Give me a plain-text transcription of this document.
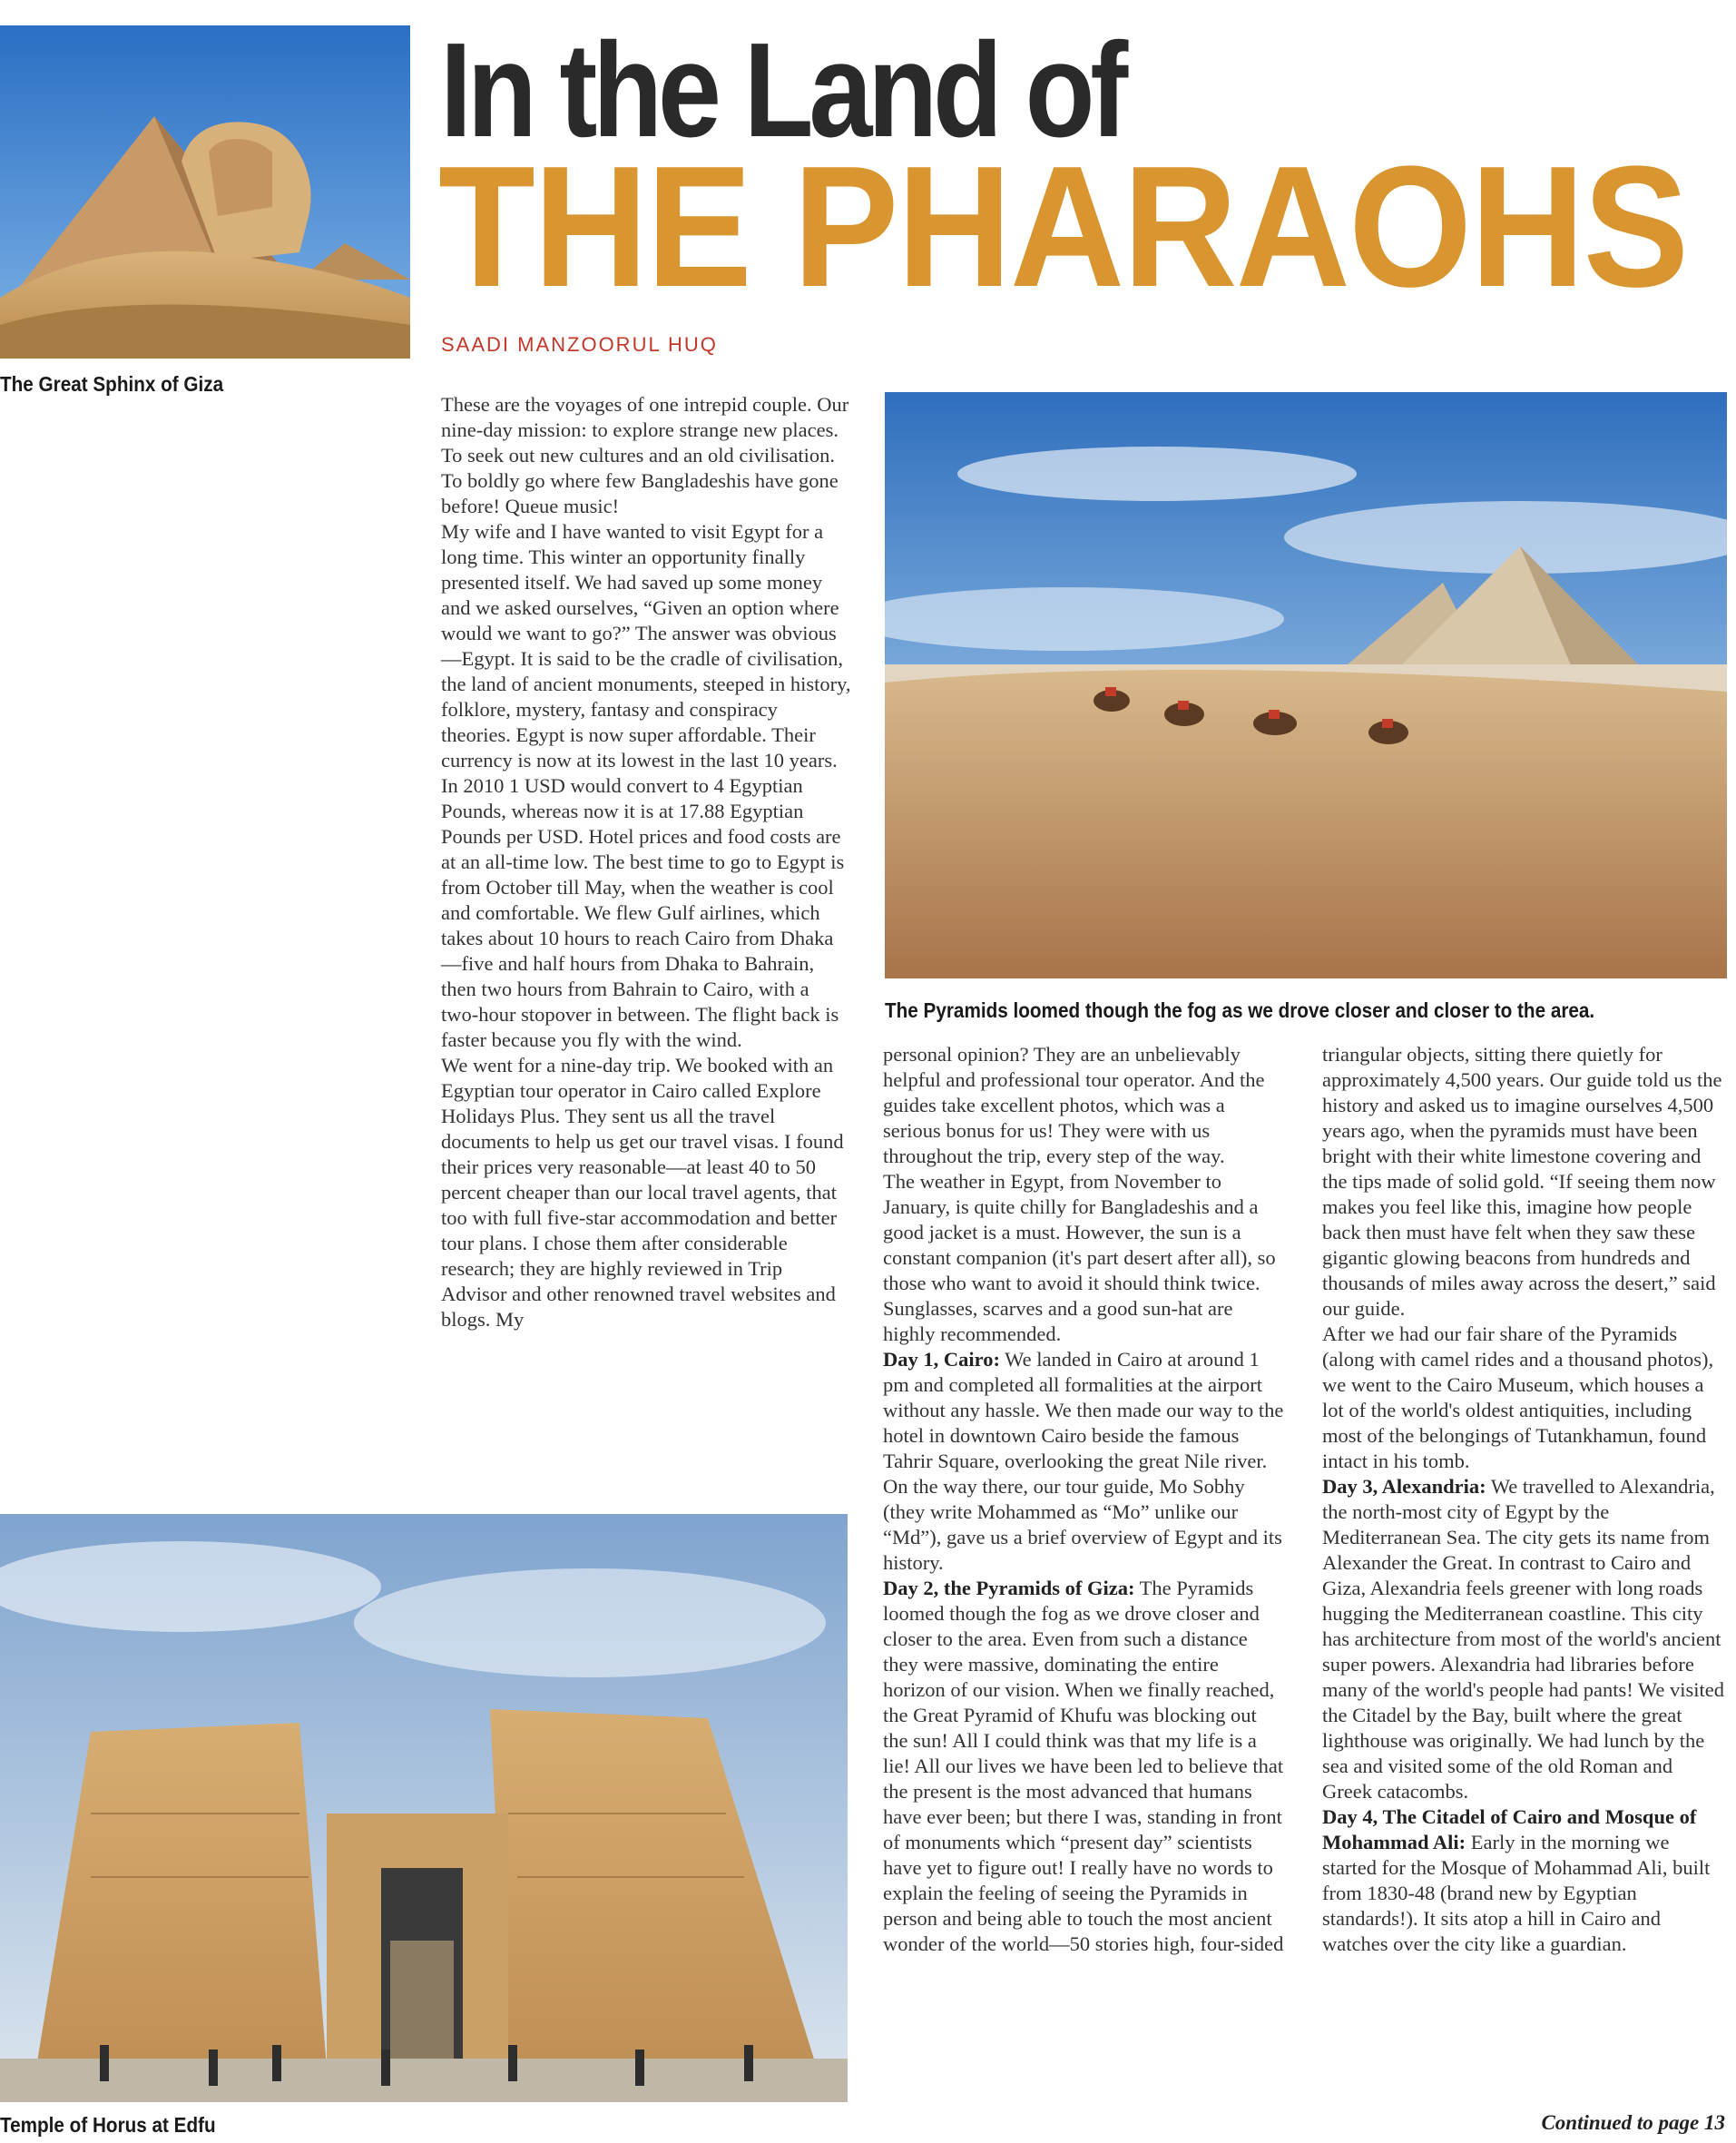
The Great Sphinx of Giza
In the Land of
THE PHARAOHS
SAADI MANZOORUL HUQ
The Pyramids loomed though the fog as we drove closer and closer to the area.
Temple of Horus at Edfu

These are the voyages of one intrepid couple. Our nine-day mission: to explore strange new places. To seek out new cultures and an old civilisation. To boldly go where few Bangladeshis have gone before! Queue music!

My wife and I have wanted to visit Egypt for a long time. This winter an opportunity finally presented itself. We had saved up some money and we asked ourselves, “Given an option where would we want to go?” The answer was obvious—Egypt. It is said to be the cradle of civilisation, the land of ancient monuments, steeped in history, folklore, mystery, fantasy and conspiracy theories. Egypt is now super affordable. Their currency is now at its lowest in the last 10 years. In 2010 1 USD would convert to 4 Egyptian Pounds, whereas now it is at 17.88 Egyptian Pounds per USD. Hotel prices and food costs are at an all-time low. The best time to go to Egypt is from October till May, when the weather is cool and comfortable. We flew Gulf airlines, which takes about 10 hours to reach Cairo from Dhaka—five and half hours from Dhaka to Bahrain, then two hours from Bahrain to Cairo, with a two-hour stopover in between. The flight back is faster because you fly with the wind.

We went for a nine-day trip. We booked with an Egyptian tour operator in Cairo called Explore Holidays Plus. They sent us all the travel documents to help us get our travel visas. I found their prices very reasonable—at least 40 to 50 percent cheaper than our local travel agents, that too with full five-star accommodation and better tour plans. I chose them after considerable research; they are highly reviewed in Trip Advisor and other renowned travel websites and blogs. My

personal opinion? They are an unbelievably helpful and professional tour operator. And the guides take excellent photos, which was a serious bonus for us! They were with us throughout the trip, every step of the way.

The weather in Egypt, from November to January, is quite chilly for Bangladeshis and a good jacket is a must. However, the sun is a constant companion (it's part desert after all), so those who want to avoid it should think twice. Sunglasses, scarves and a good sun-hat are highly recommended.

Day 1, Cairo: We landed in Cairo at around 1 pm and completed all formalities at the airport without any hassle. We then made our way to the hotel in downtown Cairo beside the famous Tahrir Square, overlooking the great Nile river. On the way there, our tour guide, Mo Sobhy (they write Mohammed as “Mo” unlike our “Md”), gave us a brief overview of Egypt and its history.

Day 2, the Pyramids of Giza: The Pyramids loomed though the fog as we drove closer and closer to the area. Even from such a distance they were massive, dominating the entire horizon of our vision. When we finally reached, the Great Pyramid of Khufu was blocking out the sun! All I could think was that my life is a lie! All our lives we have been led to believe that the present is the most advanced that humans have ever been; but there I was, standing in front of monuments which “present day” scientists have yet to figure out! I really have no words to explain the feeling of seeing the Pyramids in person and being able to touch the most ancient wonder of the world—50 stories high, four-sided

triangular objects, sitting there quietly for approximately 4,500 years. Our guide told us the history and asked us to imagine ourselves 4,500 years ago, when the pyramids must have been bright with their white limestone covering and the tips made of solid gold. “If seeing them now makes you feel like this, imagine how people back then must have felt when they saw these gigantic glowing beacons from hundreds and thousands of miles away across the desert,” said our guide.

After we had our fair share of the Pyramids (along with camel rides and a thousand photos), we went to the Cairo Museum, which houses a lot of the world's oldest antiquities, including most of the belongings of Tutankhamun, found intact in his tomb.

Day 3, Alexandria: We travelled to Alexandria, the north-most city of Egypt by the Mediterranean Sea. The city gets its name from Alexander the Great. In contrast to Cairo and Giza, Alexandria feels greener with long roads hugging the Mediterranean coastline. This city has architecture from most of the world's ancient super powers. Alexandria had libraries before many of the world's people had pants! We visited the Citadel by the Bay, built where the great lighthouse was originally. We had lunch by the sea and visited some of the old Roman and Greek catacombs.

Day 4, The Citadel of Cairo and Mosque of Mohammad Ali: Early in the morning we started for the Mosque of Mohammad Ali, built from 1830-48 (brand new by Egyptian standards!). It sits atop a hill in Cairo and watches over the city like a guardian.

Continued to page 13
